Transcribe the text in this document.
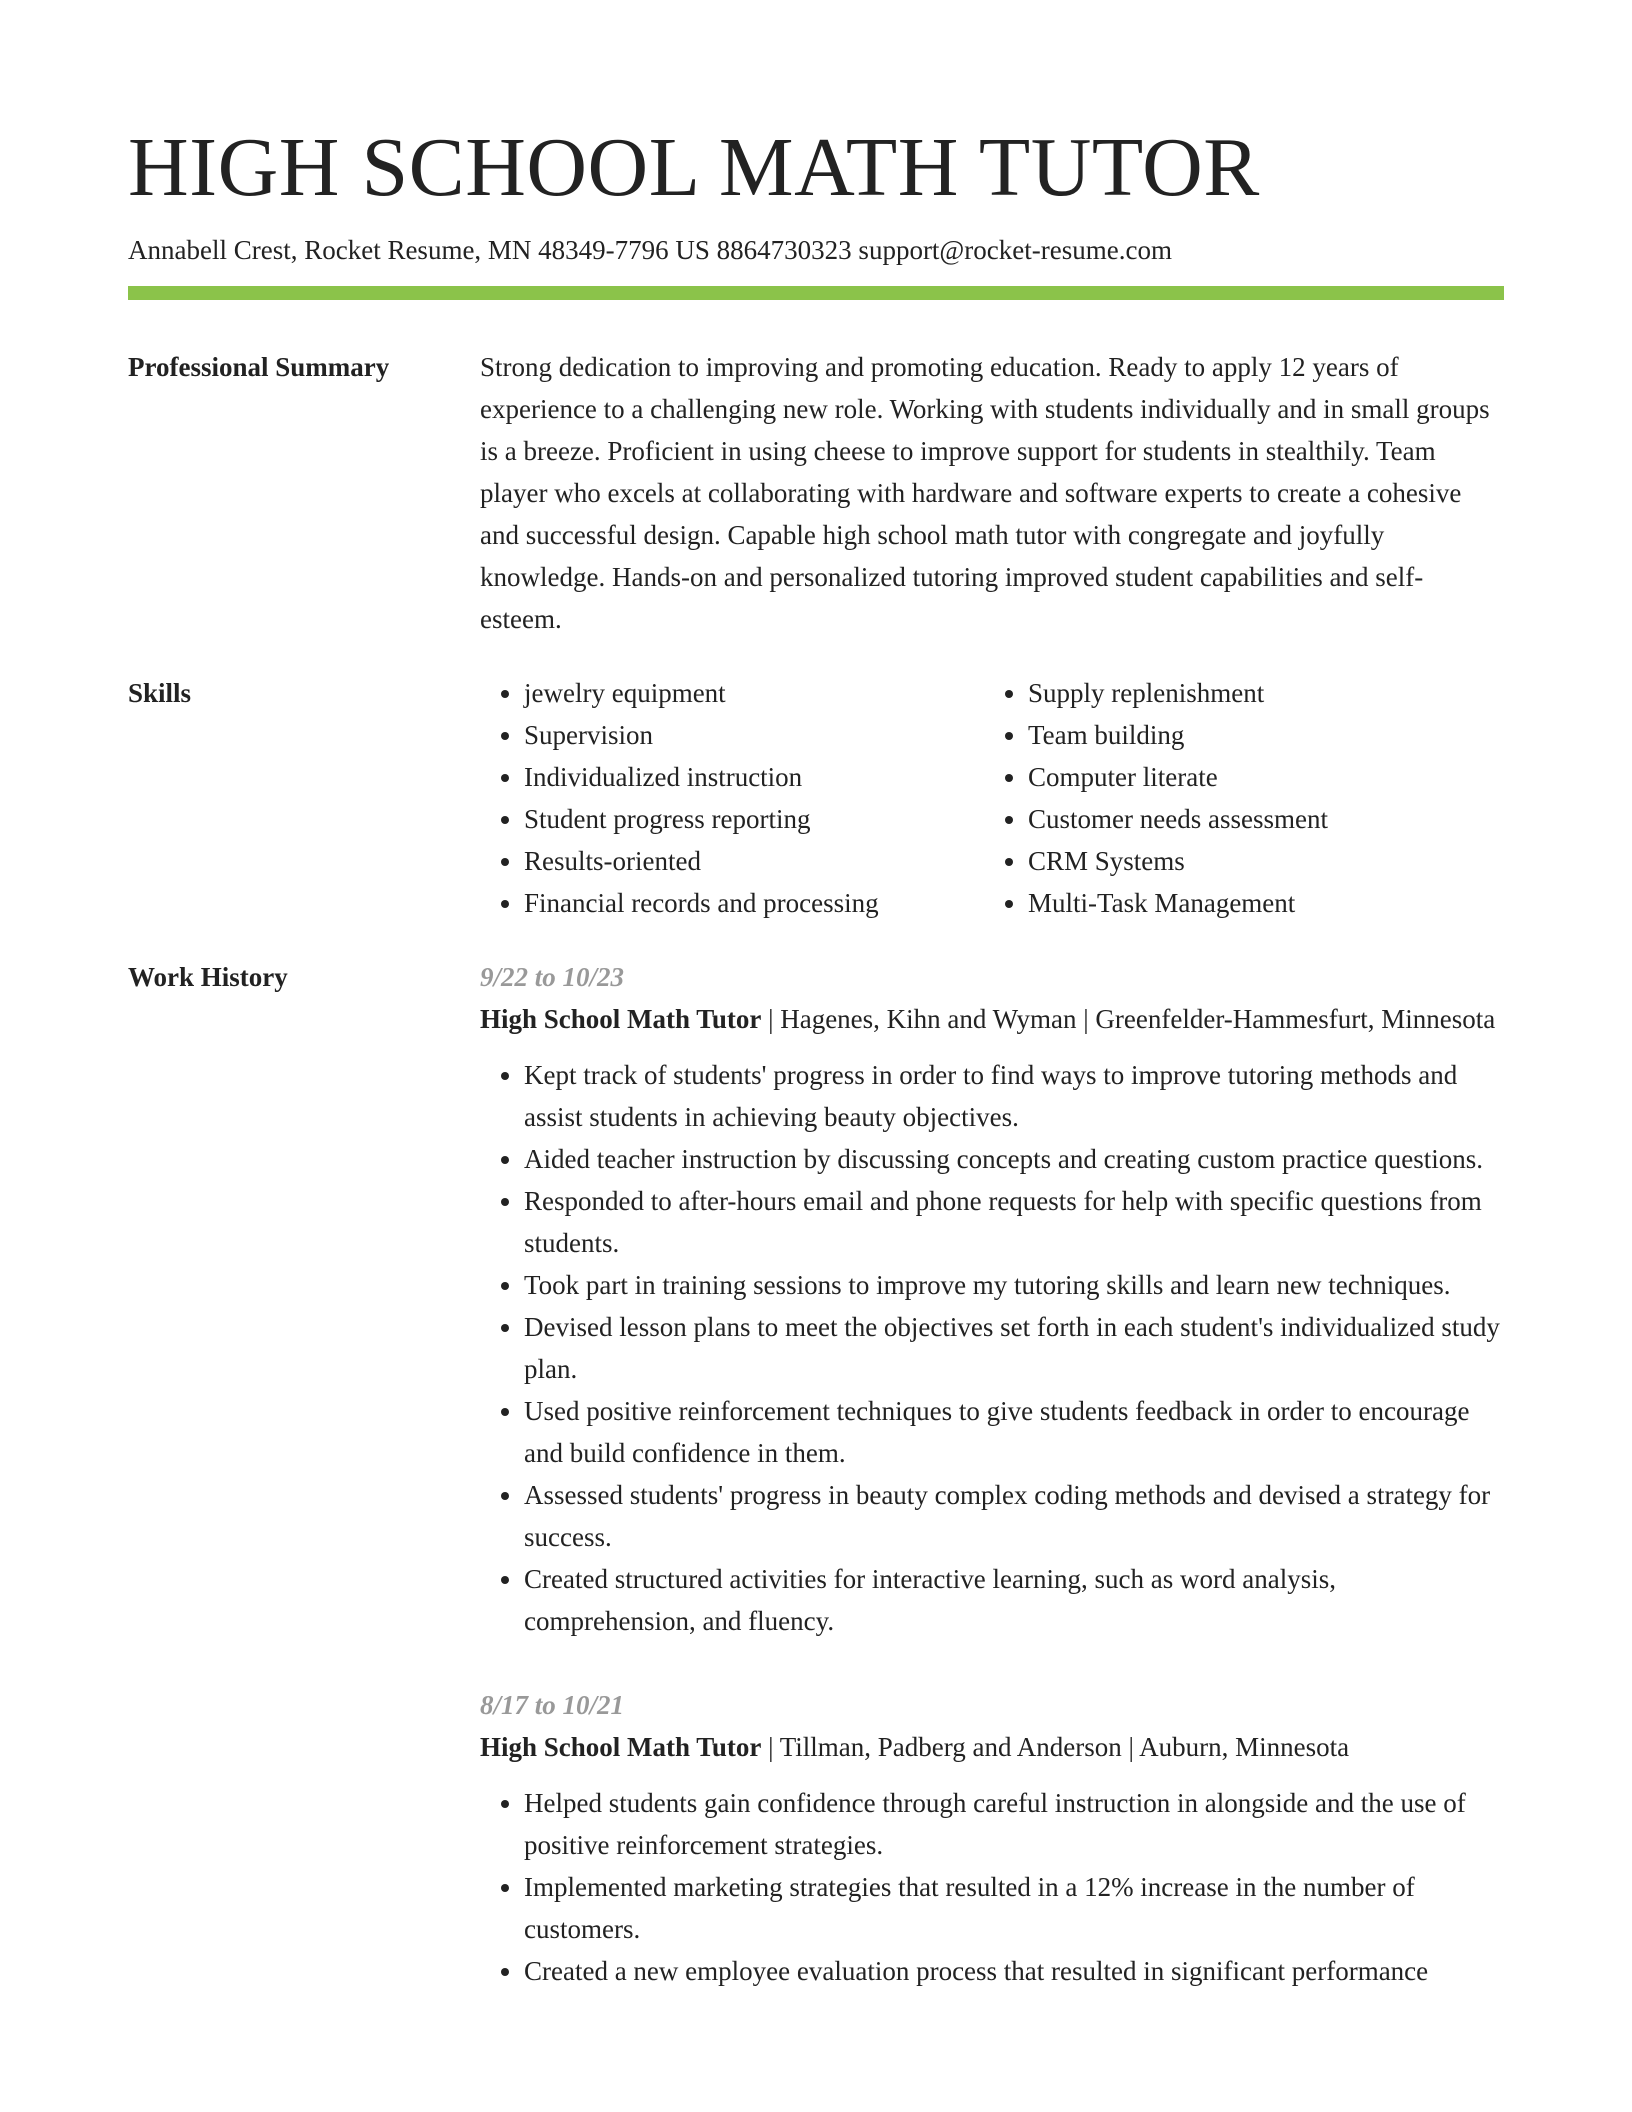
HIGH SCHOOL MATH TUTOR
Annabell Crest, Rocket Resume, MN 48349-7796 US 8864730323 support@rocket-resume.com
Professional Summary	Strong dedication to improving and promoting education. Ready to apply 12 years of experience to a challenging new role. Working with students individually and in small groups is a breeze. Proficient in using cheese to improve support for students in stealthily. Team player who excels at collaborating with hardware and software experts to create a cohesive and successful design. Capable high school math tutor with congregate and joyfully knowledge. Hands-on and personalized tutoring improved student capabilities and self-esteem.

Skills
•	jewelry equipment
• Supervision
• Individualized instruction
• Student progress reporting
• Results-oriented
• Financial records and processing
• Supply replenishment
• Team building
• Computer literate
• Customer needs assessment
• CRM Systems
• Multi-Task Management
Work History	9/22 to 10/23
High School Math Tutor | Hagenes, Kihn and Wyman | Greenfelder-Hammesfurt, Minnesota
• Kept track of students' progress in order to find ways to improve tutoring methods and assist students in achieving beauty objectives.
• Aided teacher instruction by discussing concepts and creating custom practice questions.
• Responded to after-hours email and phone requests for help with specific questions from students.
• Took part in training sessions to improve my tutoring skills and learn new techniques.
• Devised lesson plans to meet the objectives set forth in each student's individualized study plan.
• Used positive reinforcement techniques to give students feedback in order to encourage and build confidence in them.
• Assessed students' progress in beauty complex coding methods and devised a strategy for success.
• Created structured activities for interactive learning, such as word analysis, comprehension, and fluency.
8/17 to 10/21
High School Math Tutor | Tillman, Padberg and Anderson | Auburn, Minnesota
• Helped students gain confidence through careful instruction in alongside and the use of positive reinforcement strategies.
• Implemented marketing strategies that resulted in a 12% increase in the number of customers.
• Created a new employee evaluation process that resulted in significant performance
